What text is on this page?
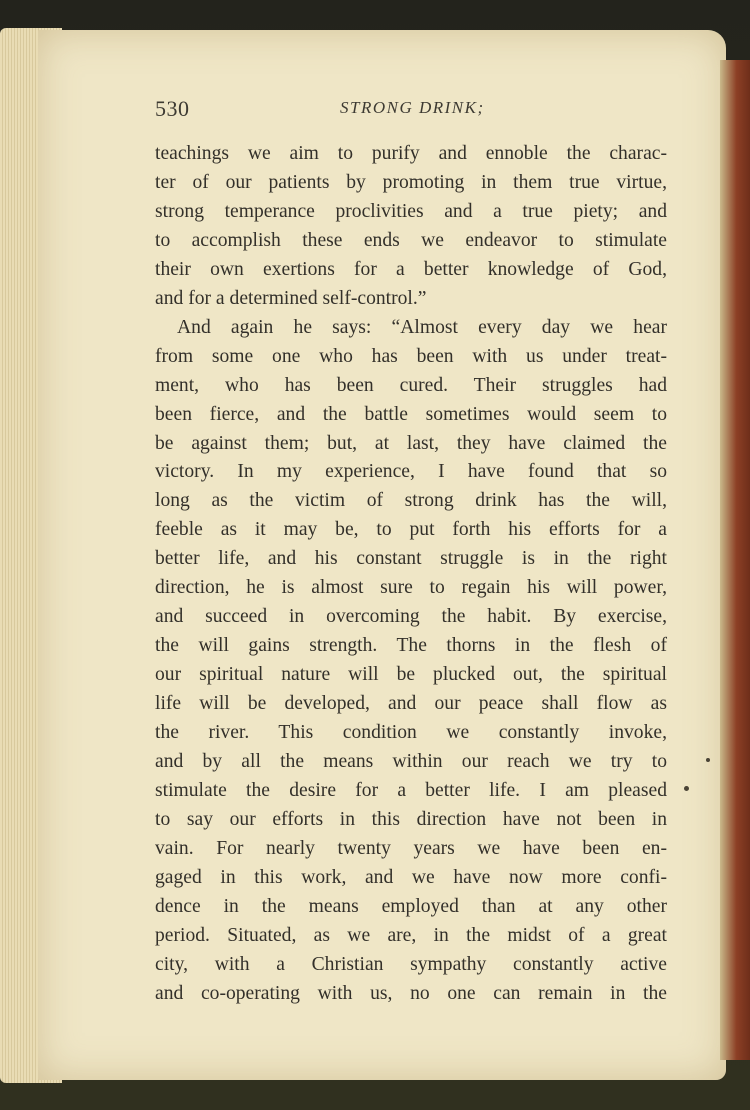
530	STRONG DRINK;
teachings we aim to purify and ennoble the charac-
ter of our patients by promoting in them true virtue,
strong temperance proclivities and a true piety; and
to accomplish these ends we endeavor to stimulate
their own exertions for a better knowledge of God,
and for a determined self-control.”
And again he says: “Almost every day we hear
from some one who has been with us under treat-
ment, who has been cured. Their struggles had
been fierce, and the battle sometimes would seem to
be against them; but, at last, they have claimed the
victory. In my experience, I have found that so
long as the victim of strong drink has the will,
feeble as it may be, to put forth his efforts for a
better life, and his constant struggle is in the right
direction, he is almost sure to regain his will power,
and succeed in overcoming the habit. By exercise,
the will gains strength. The thorns in the flesh of
our spiritual nature will be plucked out, the spiritual
life will be developed, and our peace shall flow as
the river. This condition we constantly invoke,
and by all the means within our reach we try to
stimulate the desire for a better life. I am pleased
to say our efforts in this direction have not been in
vain. For nearly twenty years we have been en-
gaged in this work, and we have now more confi-
dence in the means employed than at any other
period. Situated, as we are, in the midst of a great
city, with a Christian sympathy constantly active
and co-operating with us, no one can remain in the
